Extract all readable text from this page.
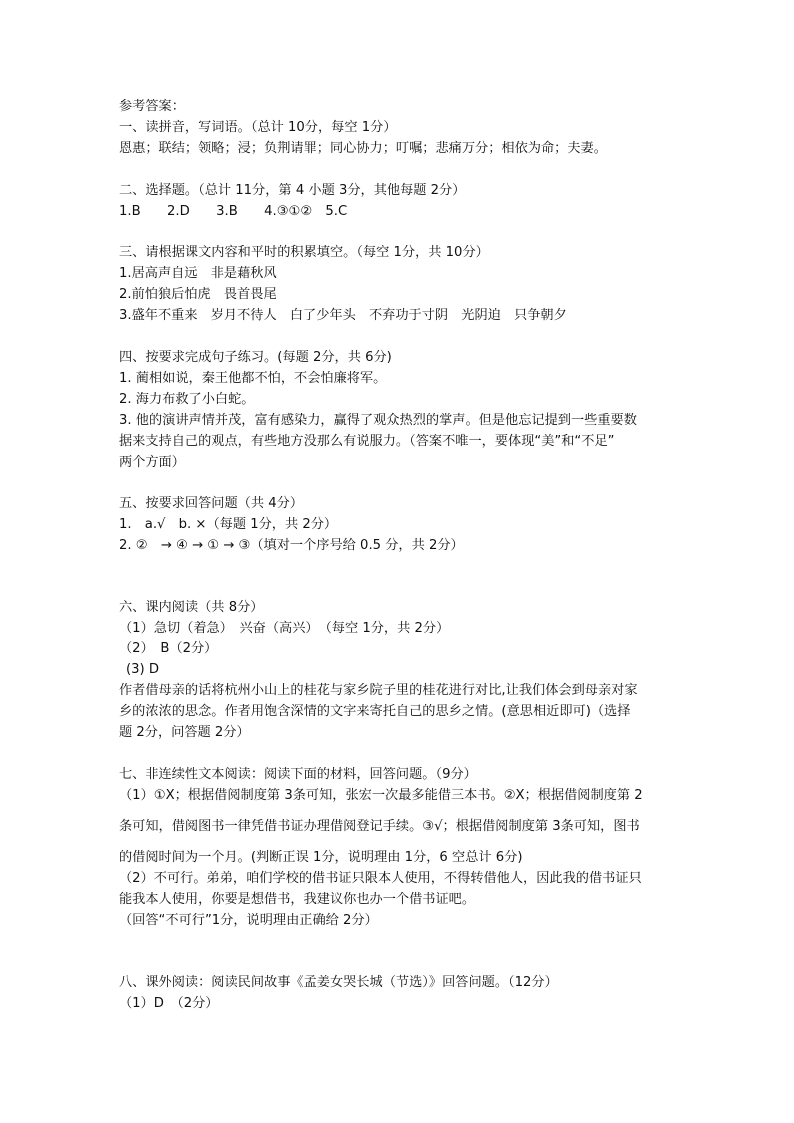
参考答案：
一、读拼音，写词语。（总计 10分，每空 1分）
恩惠；联结；领略；浸；负荆请罪；同心协力；叮嘱；悲痛万分；相依为命；夫妻。
二、选择题。（总计 11分，第 4 小题 3分，其他每题 2分）
1.B　　2.D　　3.B　　4.③①②　5.C
三、请根据课文内容和平时的积累填空。（每空 1分，共 10分）
1.居高声自远　非是藉秋风
2.前怕狼后怕虎　畏首畏尾
3.盛年不重来　岁月不待人　白了少年头　不弃功于寸阴　光阴迫　只争朝夕
四、按要求完成句子练习。(每题 2分，共 6分)
1. 蔺相如说，秦王他都不怕，不会怕廉将军。
2. 海力布救了小白蛇。
3. 他的演讲声情并茂，富有感染力，赢得了观众热烈的掌声。但是他忘记提到一些重要数
据来支持自己的观点，有些地方没那么有说服力。（答案不唯一，要体现“美”和“不足”
两个方面）
五、按要求回答问题（共 4分）
1.　a.√　b. ×（每题 1分，共 2分）
2. ②　→ ④ → ① → ③（填对一个序号给 0.5 分，共 2分）
六、课内阅读（共 8分）
（1）急切（着急）　兴奋（高兴）　（每空 1分，共 2分）
（2）　B（2分）
(3) D
作者借母亲的话将杭州小山上的桂花与家乡院子里的桂花进行对比,让我们体会到母亲对家
乡的浓浓的思念。作者用饱含深情的文字来寄托自己的思乡之情。(意思相近即可)（选择
题 2分，问答题 2分）
七、非连续性文本阅读：阅读下面的材料，回答问题。（9分）
（1）①X；根据借阅制度第 3条可知，张宏一次最多能借三本书。②X；根据借阅制度第 2
条可知，借阅图书一律凭借书证办理借阅登记手续。③√；根据借阅制度第 3条可知，图书
的借阅时间为一个月。(判断正误 1分，说明理由 1分，6 空总计 6分)
（2）不可行。弟弟，咱们学校的借书证只限本人使用，不得转借他人，因此我的借书证只
能我本人使用，你要是想借书，我建议你也办一个借书证吧。
（回答“不可行”1分，说明理由正确给 2分）
八、课外阅读：阅读民间故事《孟姜女哭长城（节选）》回答问题。（12分）
（1）D　（2分）
